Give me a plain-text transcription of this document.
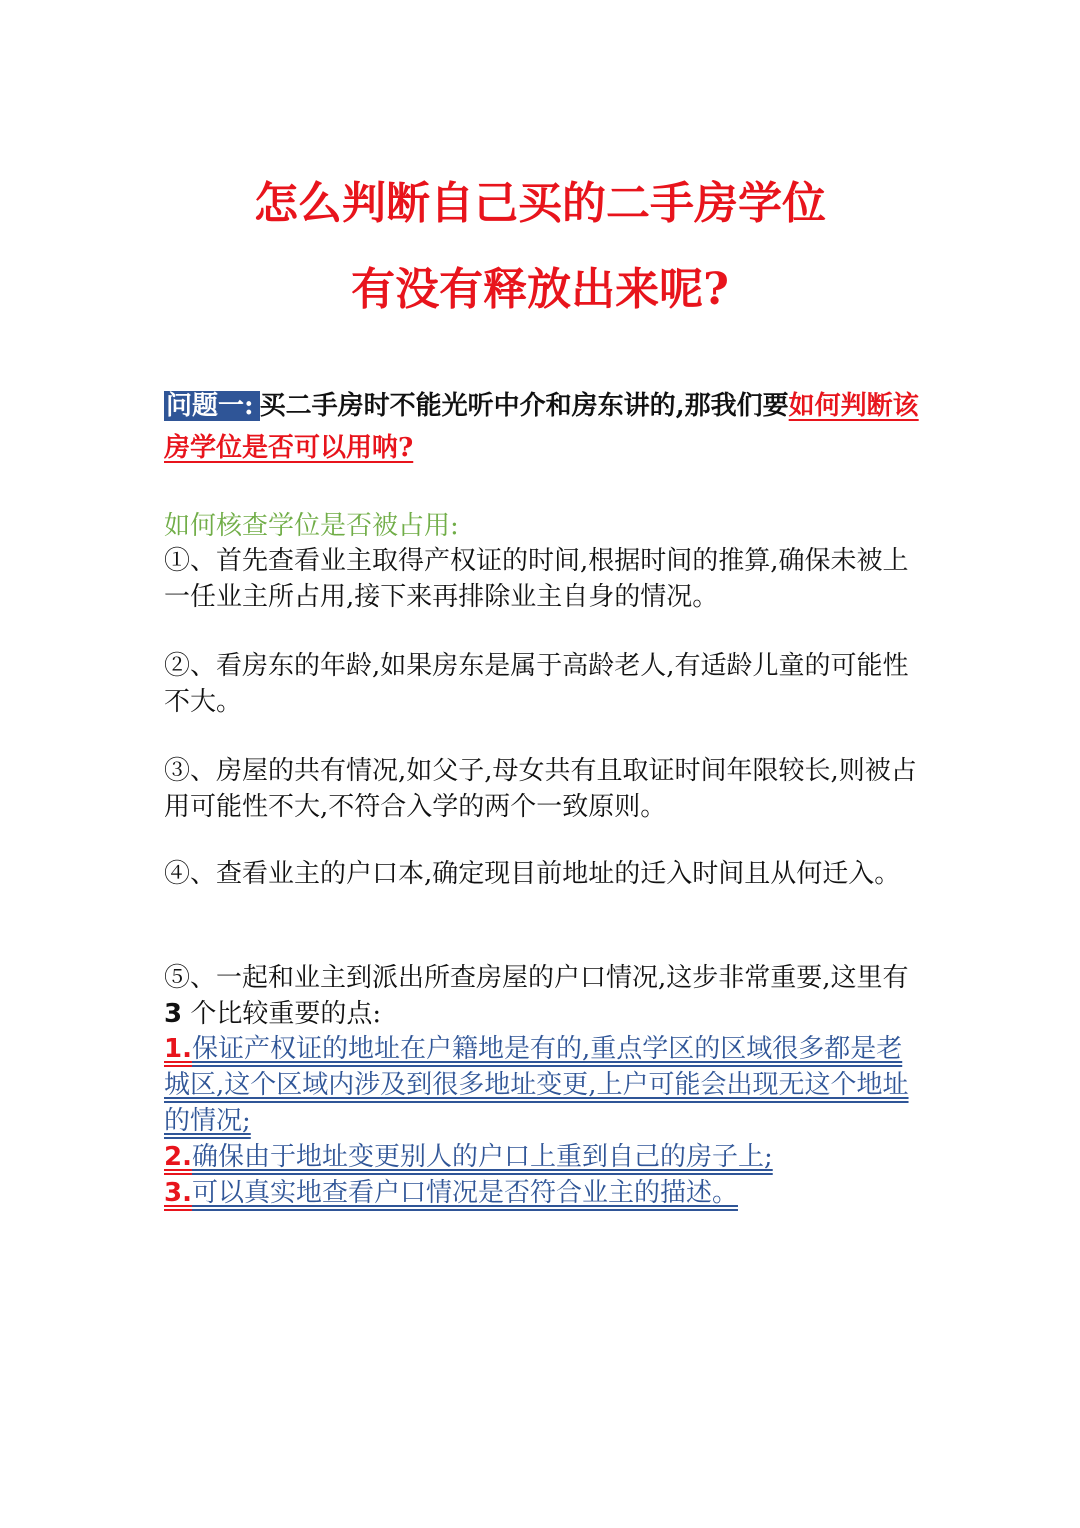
怎么判断自己买的二手房学位
有没有释放出来呢?
问题一: 买二手房时不能光听中介和房东讲的,那我们要如何判断该房学位是否可以用呐?
如何核查学位是否被占用:
①、首先查看业主取得产权证的时间,根据时间的推算,确保未被上一任业主所占用,接下来再排除业主自身的情况。
②、看房东的年龄,如果房东是属于高龄老人,有适龄儿童的可能性不大。
③、房屋的共有情况,如父子,母女共有且取证时间年限较长,则被占用可能性不大,不符合入学的两个一致原则。
④、查看业主的户口本,确定现目前地址的迁入时间且从何迁入。
⑤、一起和业主到派出所查房屋的户口情况,这步非常重要,这里有 3 个比较重要的点:
1.保证产权证的地址在户籍地是有的,重点学区的区域很多都是老城区,这个区域内涉及到很多地址变更,上户可能会出现无这个地址的情况;
2.确保由于地址变更别人的户口上重到自己的房子上;
3.可以真实地查看户口情况是否符合业主的描述。
